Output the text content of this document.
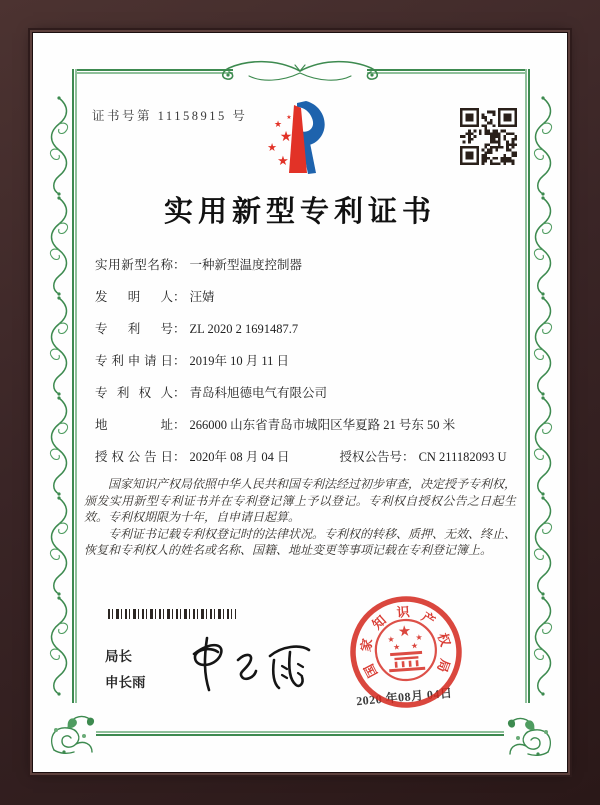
证书号第 11158915 号	★
★
★
★
★
实用新型专利证书
实用新型名称 ： 一种新型温度控制器
发明人 ： 汪婧
专利号 ： ZL 2020 2 1691487.7
专利申请日 ： 2019年 10 月 11 日
专利权人 ： 青岛科旭德电气有限公司
地址 ： 266000 山东省青岛市城阳区华夏路 21 号东 50 米
授权公告日 ： 2020年 08 月 04 日	授权公告号 ： CN 211182093 U

国家知识产权局依照中华人民共和国专利法经过初步审查，决定授予专利权，颁发实用新型专利证书并在专利登记簿上予以登记。专利权自授权公告之日起生效。专利权期限为十年，自申请日起算。

专利证书记载专利权登记时的法律状况。专利权的转移、质押、无效、终止、恢复和专利权人的姓名或名称、国籍、地址变更等事项记载在专利登记簿上。

局长
申长雨
★
★	★
★ ★
国
家
知
识 产
权
局
2020 年08月 04日
